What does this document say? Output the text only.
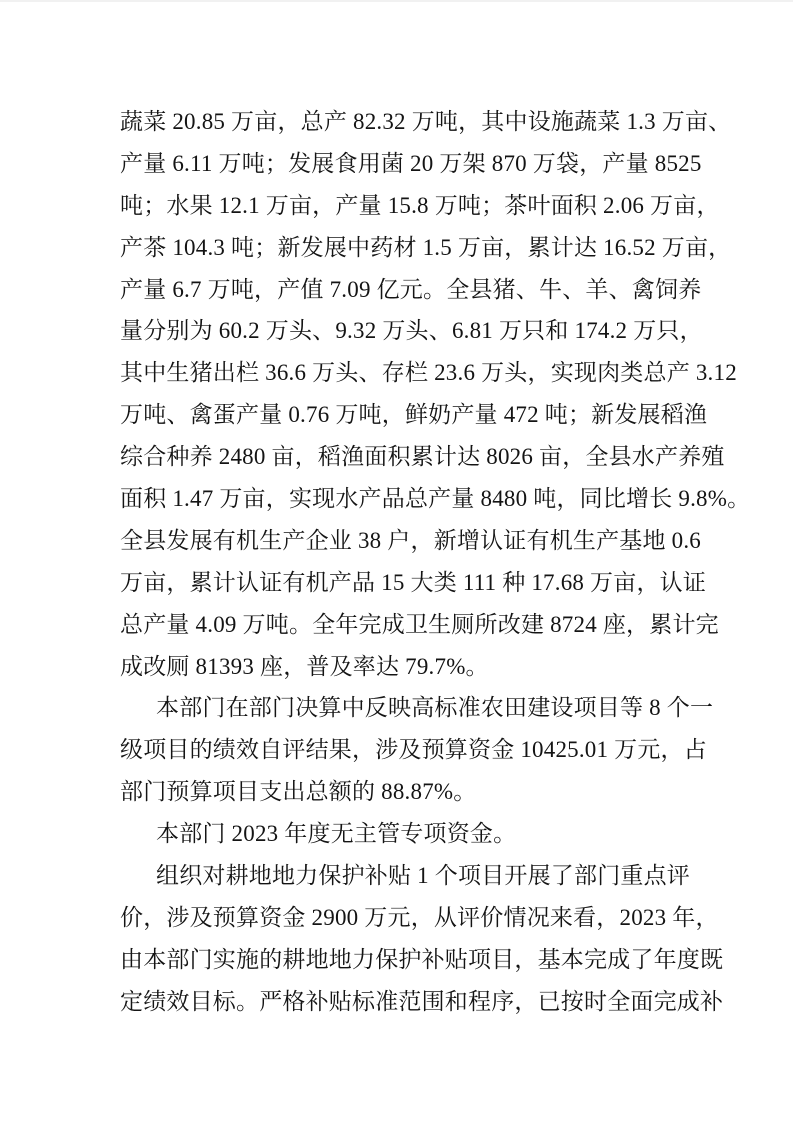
蔬菜 20.85 万亩，总产 82.32 万吨，其中设施蔬菜 1.3 万亩、
产量 6.11 万吨；发展食用菌 20 万架 870 万袋，产量 8525
吨；水果 12.1 万亩，产量 15.8 万吨；茶叶面积 2.06 万亩，
产茶 104.3 吨；新发展中药材 1.5 万亩，累计达 16.52 万亩，
产量 6.7 万吨，产值 7.09 亿元。全县猪、牛、羊、禽饲养
量分别为 60.2 万头、9.32 万头、6.81 万只和 174.2 万只，
其中生猪出栏 36.6 万头、存栏 23.6 万头，实现肉类总产 3.12
万吨、禽蛋产量 0.76 万吨，鲜奶产量 472 吨；新发展稻渔
综合种养 2480 亩，稻渔面积累计达 8026 亩，全县水产养殖
面积 1.47 万亩，实现水产品总产量 8480 吨，同比增长 9.8%。
全县发展有机生产企业 38 户，新增认证有机生产基地 0.6
万亩，累计认证有机产品 15 大类 111 种 17.68 万亩，认证
总产量 4.09 万吨。全年完成卫生厕所改建 8724 座，累计完
成改厕 81393 座，普及率达 79.7%。
本部门在部门决算中反映高标准农田建设项目等 8 个一
级项目的绩效自评结果，涉及预算资金 10425.01 万元，占
部门预算项目支出总额的 88.87%。
本部门 2023 年度无主管专项资金。
组织对耕地地力保护补贴 1 个项目开展了部门重点评
价，涉及预算资金 2900 万元，从评价情况来看，2023 年，
由本部门实施的耕地地力保护补贴项目，基本完成了年度既
定绩效目标。严格补贴标准范围和程序，已按时全面完成补
